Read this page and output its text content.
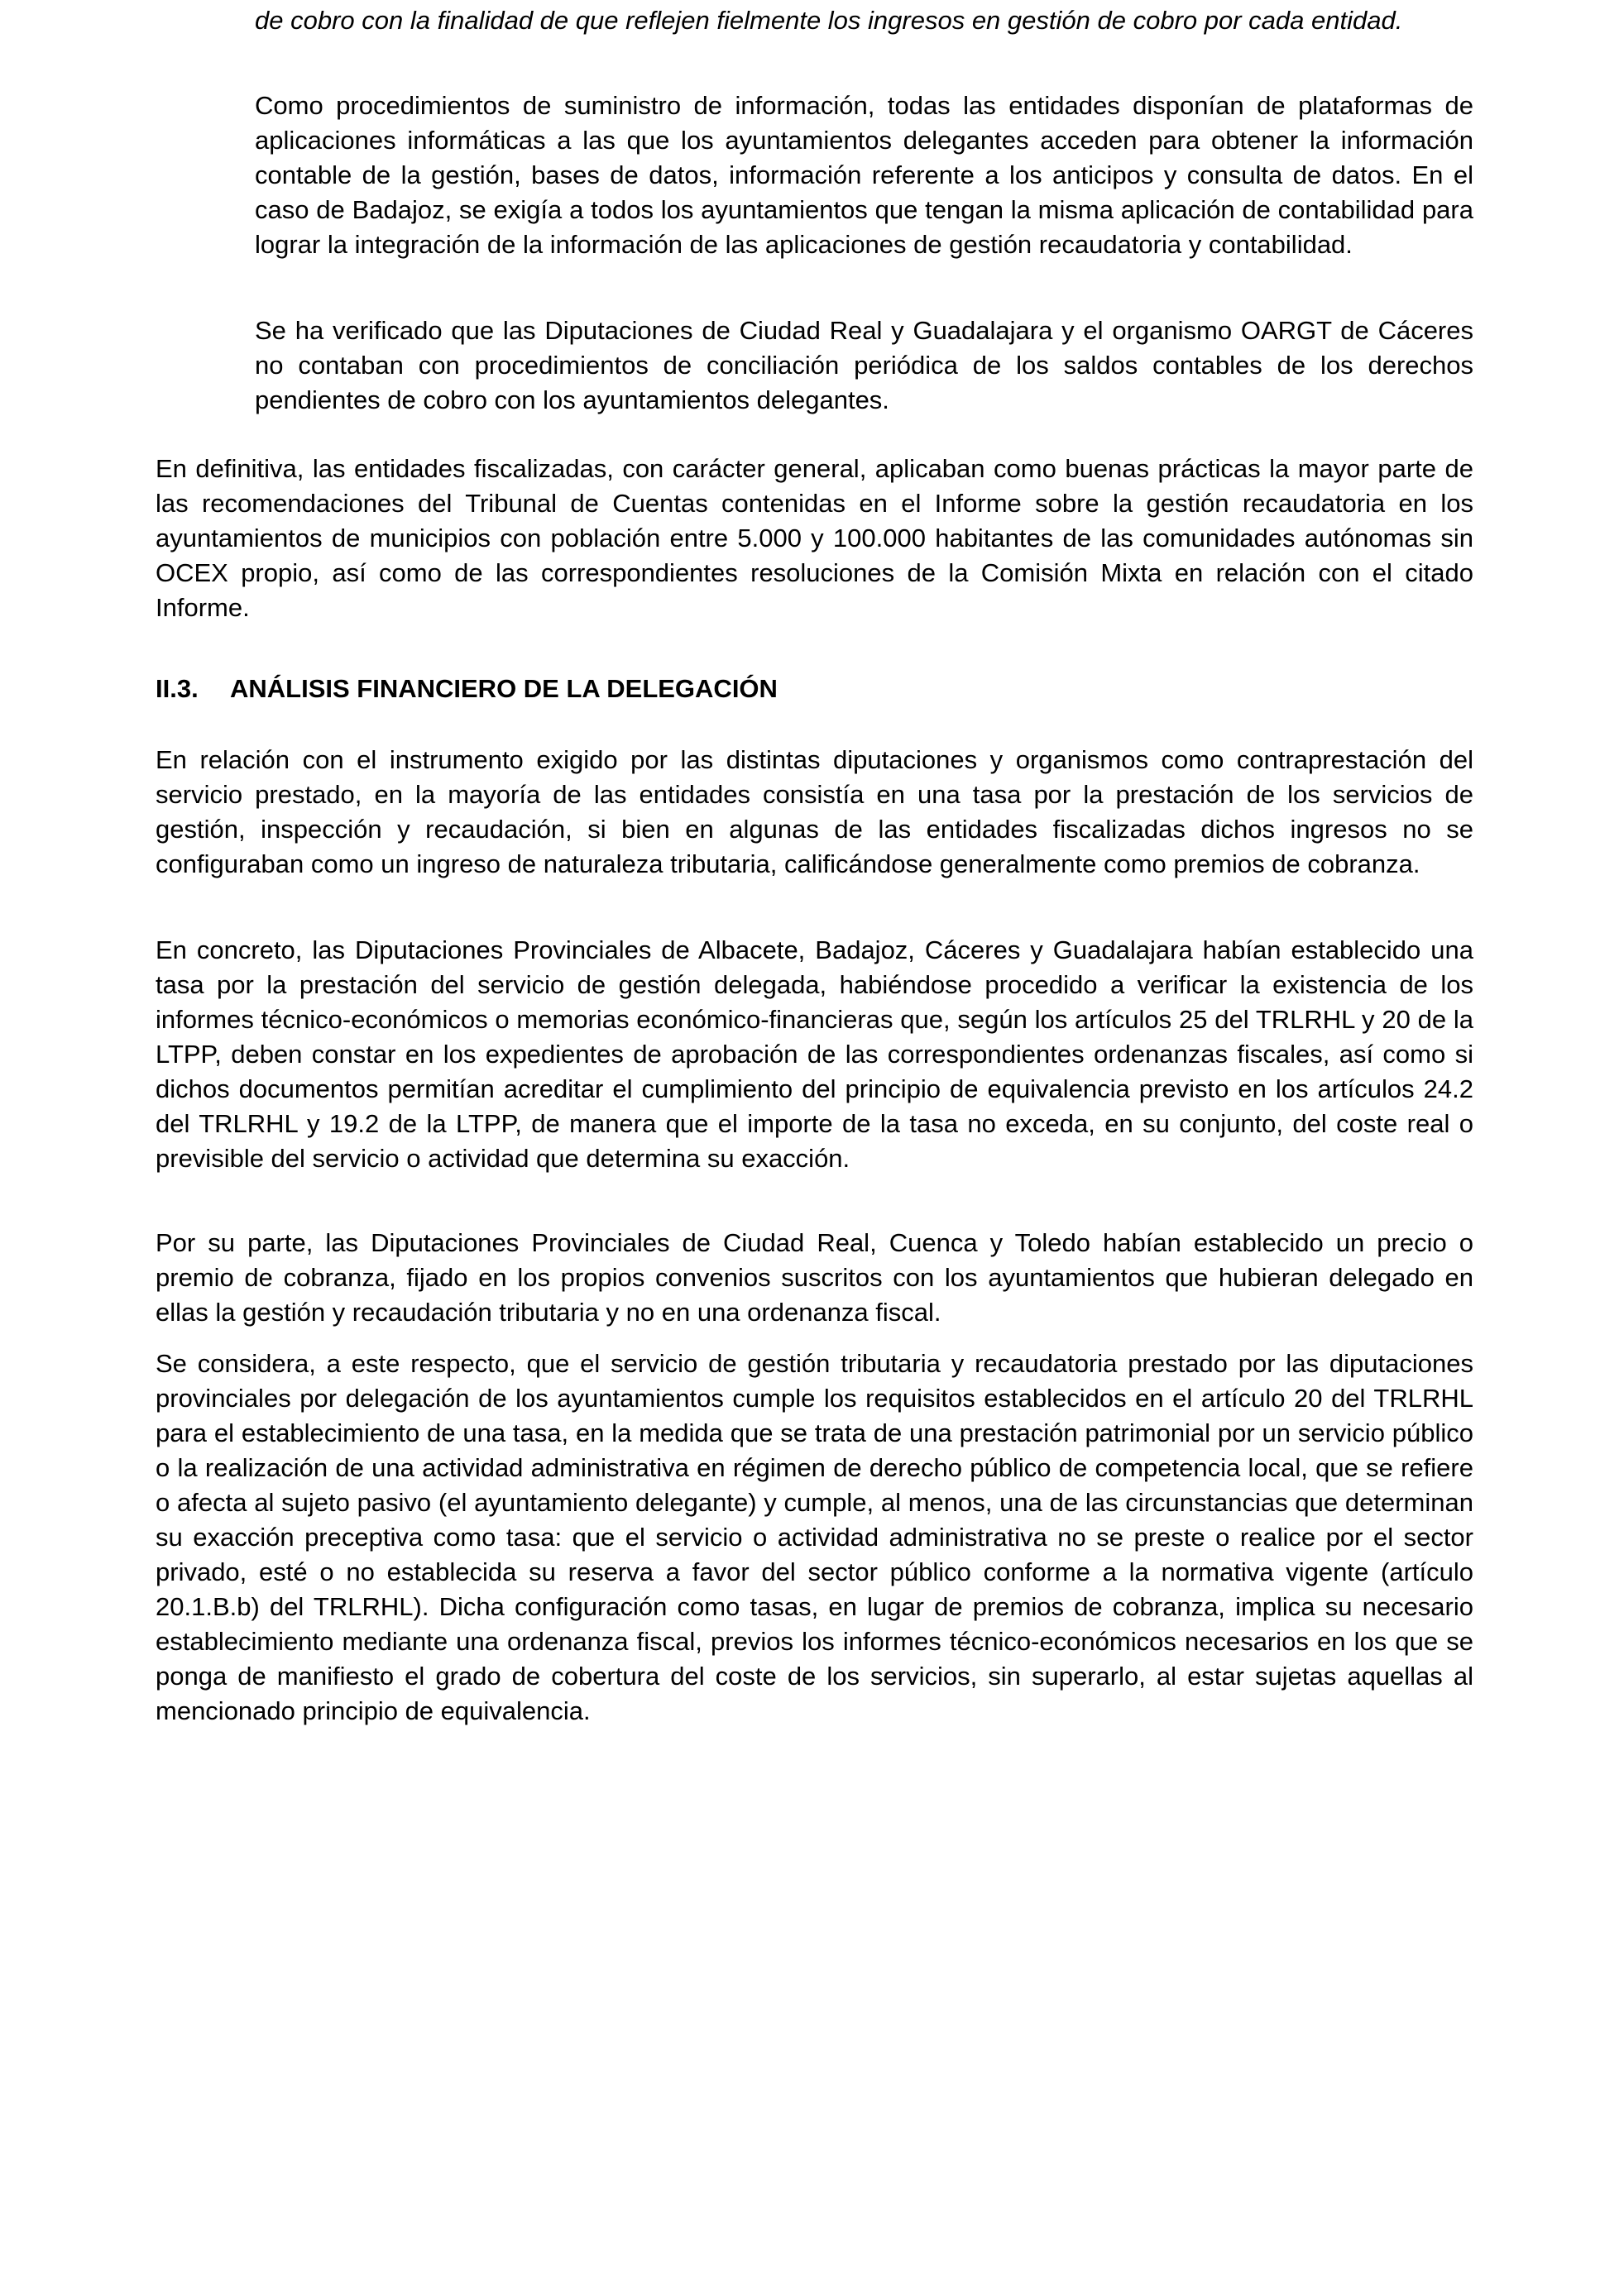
de cobro con la finalidad de que reflejen fielmente los ingresos en gestión de cobro por cada entidad.

Como procedimientos de suministro de información, todas las entidades disponían de plataformas de aplicaciones informáticas a las que los ayuntamientos delegantes acceden para obtener la información contable de la gestión, bases de datos, información referente a los anticipos y consulta de datos. En el caso de Badajoz, se exigía a todos los ayuntamientos que tengan la misma aplicación de contabilidad para lograr la integración de la información de las aplicaciones de gestión recaudatoria y contabilidad.

Se ha verificado que las Diputaciones de Ciudad Real y Guadalajara y el organismo OARGT de Cáceres no contaban con procedimientos de conciliación periódica de los saldos contables de los derechos pendientes de cobro con los ayuntamientos delegantes.

En definitiva, las entidades fiscalizadas, con carácter general, aplicaban como buenas prácticas la mayor parte de las recomendaciones del Tribunal de Cuentas contenidas en el Informe sobre la gestión recaudatoria en los ayuntamientos de municipios con población entre 5.000 y 100.000 habitantes de las comunidades autónomas sin OCEX propio, así como de las correspondientes resoluciones de la Comisión Mixta en relación con el citado Informe.

II.3. ANÁLISIS FINANCIERO DE LA DELEGACIÓN

En relación con el instrumento exigido por las distintas diputaciones y organismos como contraprestación del servicio prestado, en la mayoría de las entidades consistía en una tasa por la prestación de los servicios de gestión, inspección y recaudación, si bien en algunas de las entidades fiscalizadas dichos ingresos no se configuraban como un ingreso de naturaleza tributaria, calificándose generalmente como premios de cobranza.

En concreto, las Diputaciones Provinciales de Albacete, Badajoz, Cáceres y Guadalajara habían establecido una tasa por la prestación del servicio de gestión delegada, habiéndose procedido a verificar la existencia de los informes técnico-económicos o memorias económico-financieras que, según los artículos 25 del TRLRHL y 20 de la LTPP, deben constar en los expedientes de aprobación de las correspondientes ordenanzas fiscales, así como si dichos documentos permitían acreditar el cumplimiento del principio de equivalencia previsto en los artículos 24.2 del TRLRHL y 19.2 de la LTPP, de manera que el importe de la tasa no exceda, en su conjunto, del coste real o previsible del servicio o actividad que determina su exacción.

Por su parte, las Diputaciones Provinciales de Ciudad Real, Cuenca y Toledo habían establecido un precio o premio de cobranza, fijado en los propios convenios suscritos con los ayuntamientos que hubieran delegado en ellas la gestión y recaudación tributaria y no en una ordenanza fiscal.

Se considera, a este respecto, que el servicio de gestión tributaria y recaudatoria prestado por las diputaciones provinciales por delegación de los ayuntamientos cumple los requisitos establecidos en el artículo 20 del TRLRHL para el establecimiento de una tasa, en la medida que se trata de una prestación patrimonial por un servicio público o la realización de una actividad administrativa en régimen de derecho público de competencia local, que se refiere o afecta al sujeto pasivo (el ayuntamiento delegante) y cumple, al menos, una de las circunstancias que determinan su exacción preceptiva como tasa: que el servicio o actividad administrativa no se preste o realice por el sector privado, esté o no establecida su reserva a favor del sector público conforme a la normativa vigente (artículo 20.1.B.b) del TRLRHL). Dicha configuración como tasas, en lugar de premios de cobranza, implica su necesario establecimiento mediante una ordenanza fiscal, previos los informes técnico-económicos necesarios en los que se ponga de manifiesto el grado de cobertura del coste de los servicios, sin superarlo, al estar sujetas aquellas al mencionado principio de equivalencia.
